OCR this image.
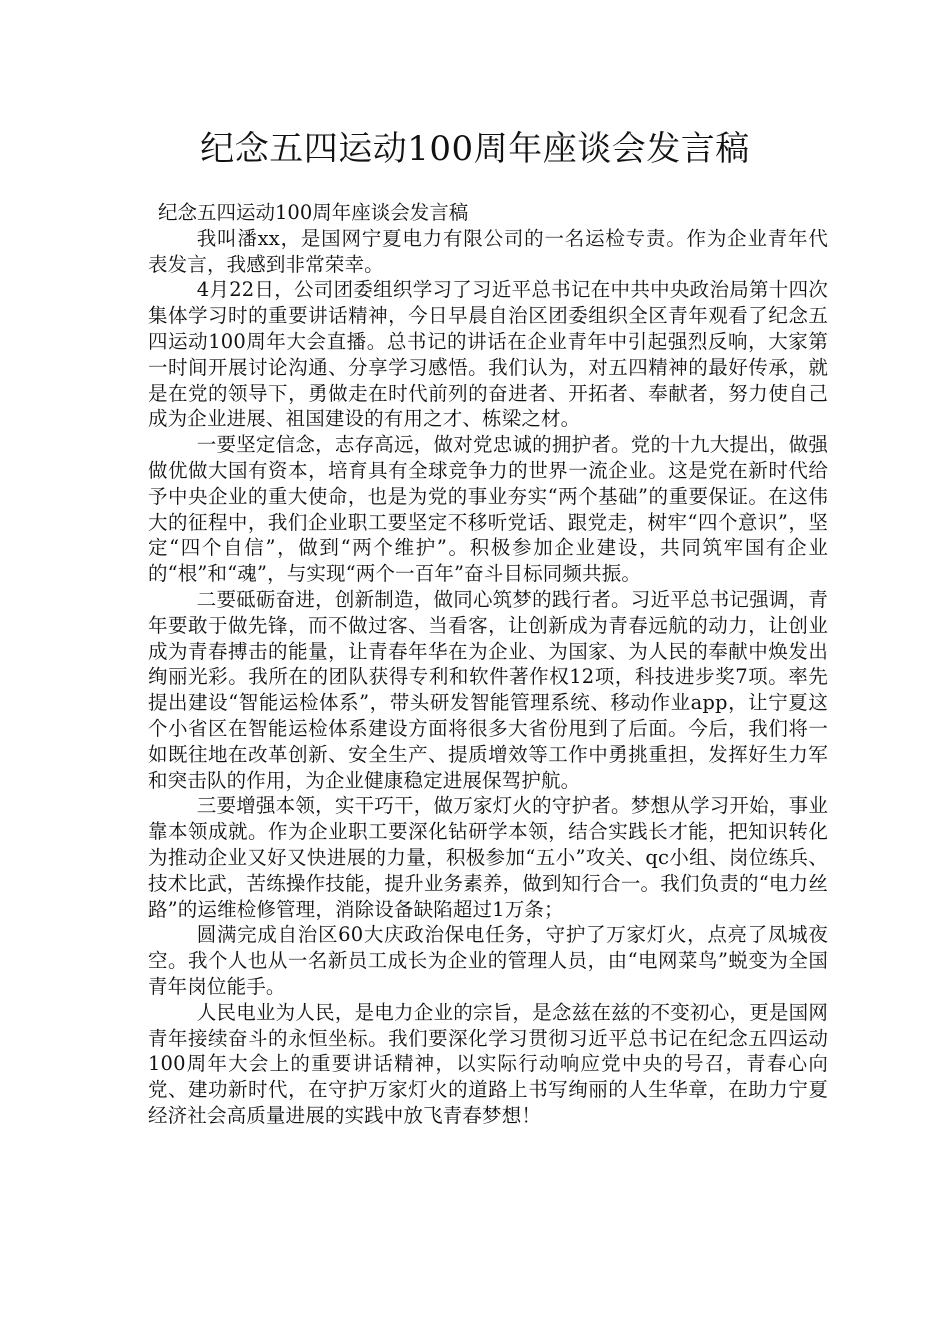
纪念五四运动100周年座谈会发言稿

纪念五四运动100周年座谈会发言稿

我叫潘xx，是国网宁夏电力有限公司的一名运检专责。作为企业青年代表发言，我感到非常荣幸。

4月22日，公司团委组织学习了习近平总书记在中共中央政治局第十四次集体学习时的重要讲话精神，今日早晨自治区团委组织全区青年观看了纪念五四运动100周年大会直播。总书记的讲话在企业青年中引起强烈反响，大家第一时间开展讨论沟通、分享学习感悟。我们认为，对五四精神的最好传承，就是在党的领导下，勇做走在时代前列的奋进者、开拓者、奉献者，努力使自己成为企业进展、祖国建设的有用之才、栋梁之材。

一要坚定信念，志存高远，做对党忠诚的拥护者。党的十九大提出，做强做优做大国有资本，培育具有全球竞争力的世界一流企业。这是党在新时代给予中央企业的重大使命，也是为党的事业夯实“两个基础”的重要保证。在这伟大的征程中，我们企业职工要坚定不移听党话、跟党走，树牢“四个意识”，坚定“四个自信”，做到“两个维护”。积极参加企业建设，共同筑牢国有企业的“根”和“魂”，与实现“两个一百年”奋斗目标同频共振。

二要砥砺奋进，创新制造，做同心筑梦的践行者。习近平总书记强调，青年要敢于做先锋，而不做过客、当看客，让创新成为青春远航的动力，让创业成为青春搏击的能量，让青春年华在为企业、为国家、为人民的奉献中焕发出绚丽光彩。我所在的团队获得专利和软件著作权12项，科技进步奖7项。率先提出建设“智能运检体系”，带头研发智能管理系统、移动作业app，让宁夏这个小省区在智能运检体系建设方面将很多大省份甩到了后面。今后，我们将一如既往地在改革创新、安全生产、提质增效等工作中勇挑重担，发挥好生力军和突击队的作用，为企业健康稳定进展保驾护航。

三要增强本领，实干巧干，做万家灯火的守护者。梦想从学习开始，事业靠本领成就。作为企业职工要深化钻研学本领，结合实践长才能，把知识转化为推动企业又好又快进展的力量，积极参加“五小”攻关、qc小组、岗位练兵、技术比武，苦练操作技能，提升业务素养，做到知行合一。我们负责的“电力丝路”的运维检修管理，消除设备缺陷超过1万条；

圆满完成自治区60大庆政治保电任务，守护了万家灯火，点亮了凤城夜空。我个人也从一名新员工成长为企业的管理人员，由“电网菜鸟”蜕变为全国青年岗位能手。

人民电业为人民，是电力企业的宗旨，是念兹在兹的不变初心，更是国网青年接续奋斗的永恒坐标。我们要深化学习贯彻习近平总书记在纪念五四运动100周年大会上的重要讲话精神，以实际行动响应党中央的号召，青春心向党、建功新时代，在守护万家灯火的道路上书写绚丽的人生华章，在助力宁夏经济社会高质量进展的实践中放飞青春梦想！
